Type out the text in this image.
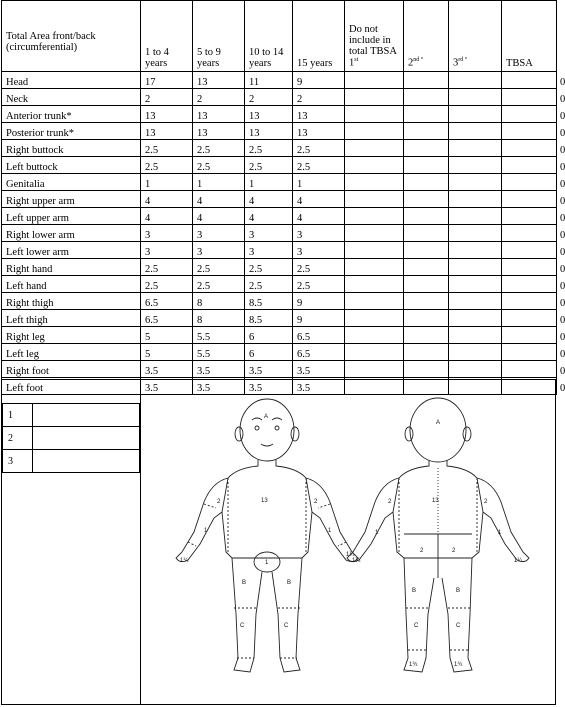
Total Area front/back (circumferential)	1 to 4 years	5 to 9 years	10 to 14 years	15 years	Do not include in total TBSA 1st	$2^{nd ^\circ}$	$3^{rd ^\circ}$	TBSA
Head	17	13	11	9				0
Neck	2	2	2	2				0
Anterior trunk*	13	13	13	13				0
Posterior trunk*	13	13	13	13				0
Right buttock	2.5	2.5	2.5	2.5				0
Left buttock	2.5	2.5	2.5	2.5				0
Genitalia	1	1	1	1				0
Right upper arm	4	4	4	4				0
Left upper arm	4	4	4	4				0
Right lower arm	3	3	3	3				0
Left lower arm	3	3	3	3				0
Right hand	2.5	2.5	2.5	2.5				0
Left hand	2.5	2.5	2.5	2.5				0
Right thigh	6.5	8	8.5	9				0
Left thigh	6.5	8	8.5	9				0
Right leg	5	5.5	6	6.5				0
Left leg	5	5.5	6	6.5				0
Right foot	3.5	3.5	3.5	3.5				0
Left foot	3.5	3.5	3.5	3.5				0
1	
2	
3	
A
13
2	2
1	1
1¼
1¼
1
B	B
C	C
A
13
2	2
1	1
1¼	1¼
2	2
B	B
C	C
1¾	1¾
